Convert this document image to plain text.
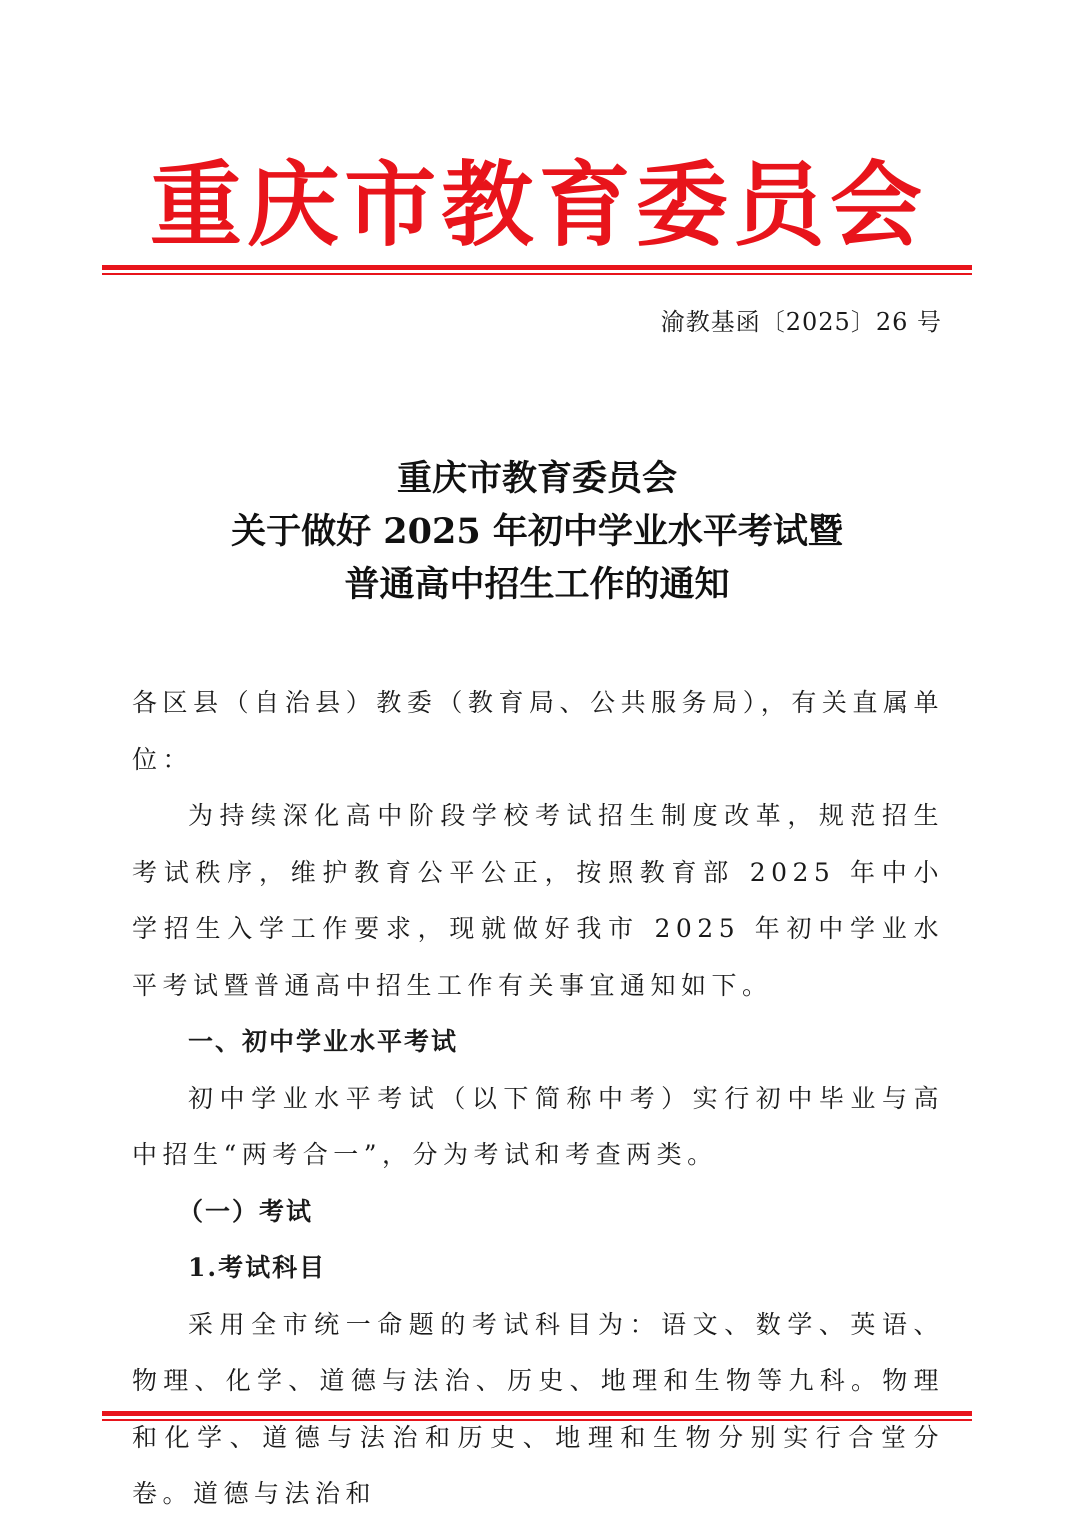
重 庆 市 教 育 委 员 会
渝教基函〔2025〕26 号
重庆市教育委员会
关于做好 2025 年初中学业水平考试暨
普通高中招生工作的通知

各区县（自治县）教委（教育局、公共服务局），有关直属单位：

为持续深化高中阶段学校考试招生制度改革，规范招生考试秩序，维护教育公平公正，按照教育部 2025 年中小学招生入学工作要求，现就做好我市 2025 年初中学业水平考试暨普通高中招生工作有关事宜通知如下。

一、初中学业水平考试

初中学业水平考试（以下简称中考）实行初中毕业与高中招生“两考合一”，分为考试和考查两类。

（一）考试

1.考试科目

采用全市统一命题的考试科目为：语文、数学、英语、物理、化学、道德与法治、历史、地理和生物等九科。物理和化学、道德与法治和历史、地理和生物分别实行合堂分卷。道德与法治和
